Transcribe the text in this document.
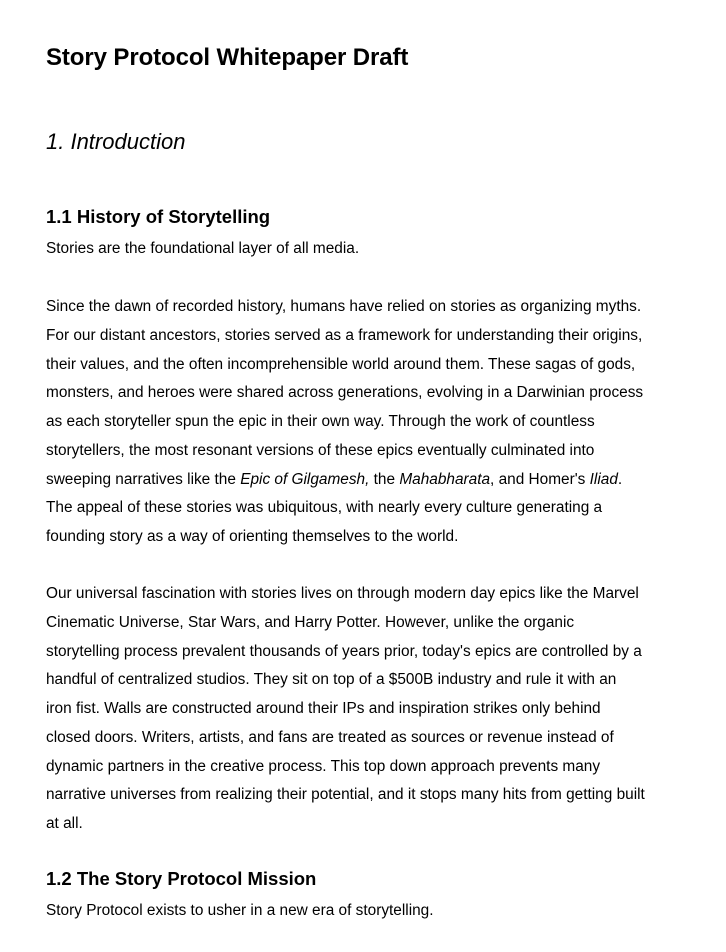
Story Protocol Whitepaper Draft
1. Introduction
1.1 History of Storytelling

Stories are the foundational layer of all media.

Since the dawn of recorded history, humans have relied on stories as organizing myths.
For our distant ancestors, stories served as a framework for understanding their origins,
their values, and the often incomprehensible world around them. These sagas of gods,
monsters, and heroes were shared across generations, evolving in a Darwinian process
as each storyteller spun the epic in their own way. Through the work of countless
storytellers, the most resonant versions of these epics eventually culminated into
sweeping narratives like the Epic of Gilgamesh, the Mahabharata, and Homer's Iliad.
The appeal of these stories was ubiquitous, with nearly every culture generating a
founding story as a way of orienting themselves to the world.

Our universal fascination with stories lives on through modern day epics like the Marvel
Cinematic Universe, Star Wars, and Harry Potter. However, unlike the organic
storytelling process prevalent thousands of years prior, today's epics are controlled by a
handful of centralized studios. They sit on top of a $500B industry and rule it with an
iron fist. Walls are constructed around their IPs and inspiration strikes only behind
closed doors. Writers, artists, and fans are treated as sources or revenue instead of
dynamic partners in the creative process. This top down approach prevents many
narrative universes from realizing their potential, and it stops many hits from getting built
at all.

1.2 The Story Protocol Mission

Story Protocol exists to usher in a new era of storytelling.
